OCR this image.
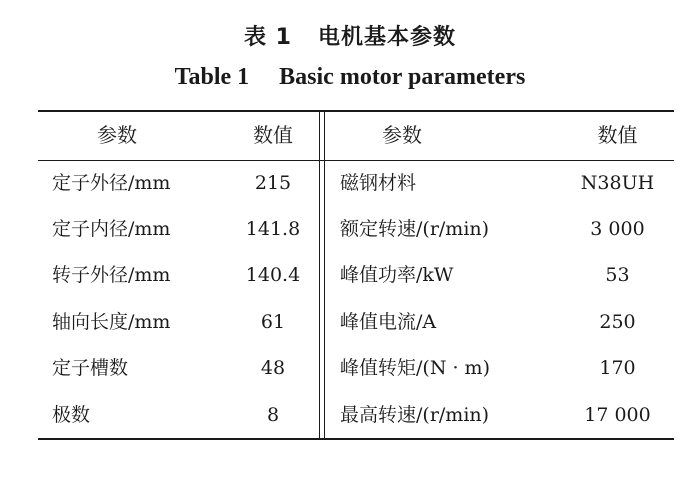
表 1 电机基本参数
Table 1 Basic motor parameters
参数	数值	参数	数值
定子外径/mm	215	磁钢材料	N38UH
定子内径/mm	141.8	额定转速/(r/min)	3 000
转子外径/mm	140.4	峰值功率/kW	53
轴向长度/mm	61	峰值电流/A	250
定子槽数	48	峰值转矩/(N · m)	170
极数	8	最高转速/(r/min)	17 000
